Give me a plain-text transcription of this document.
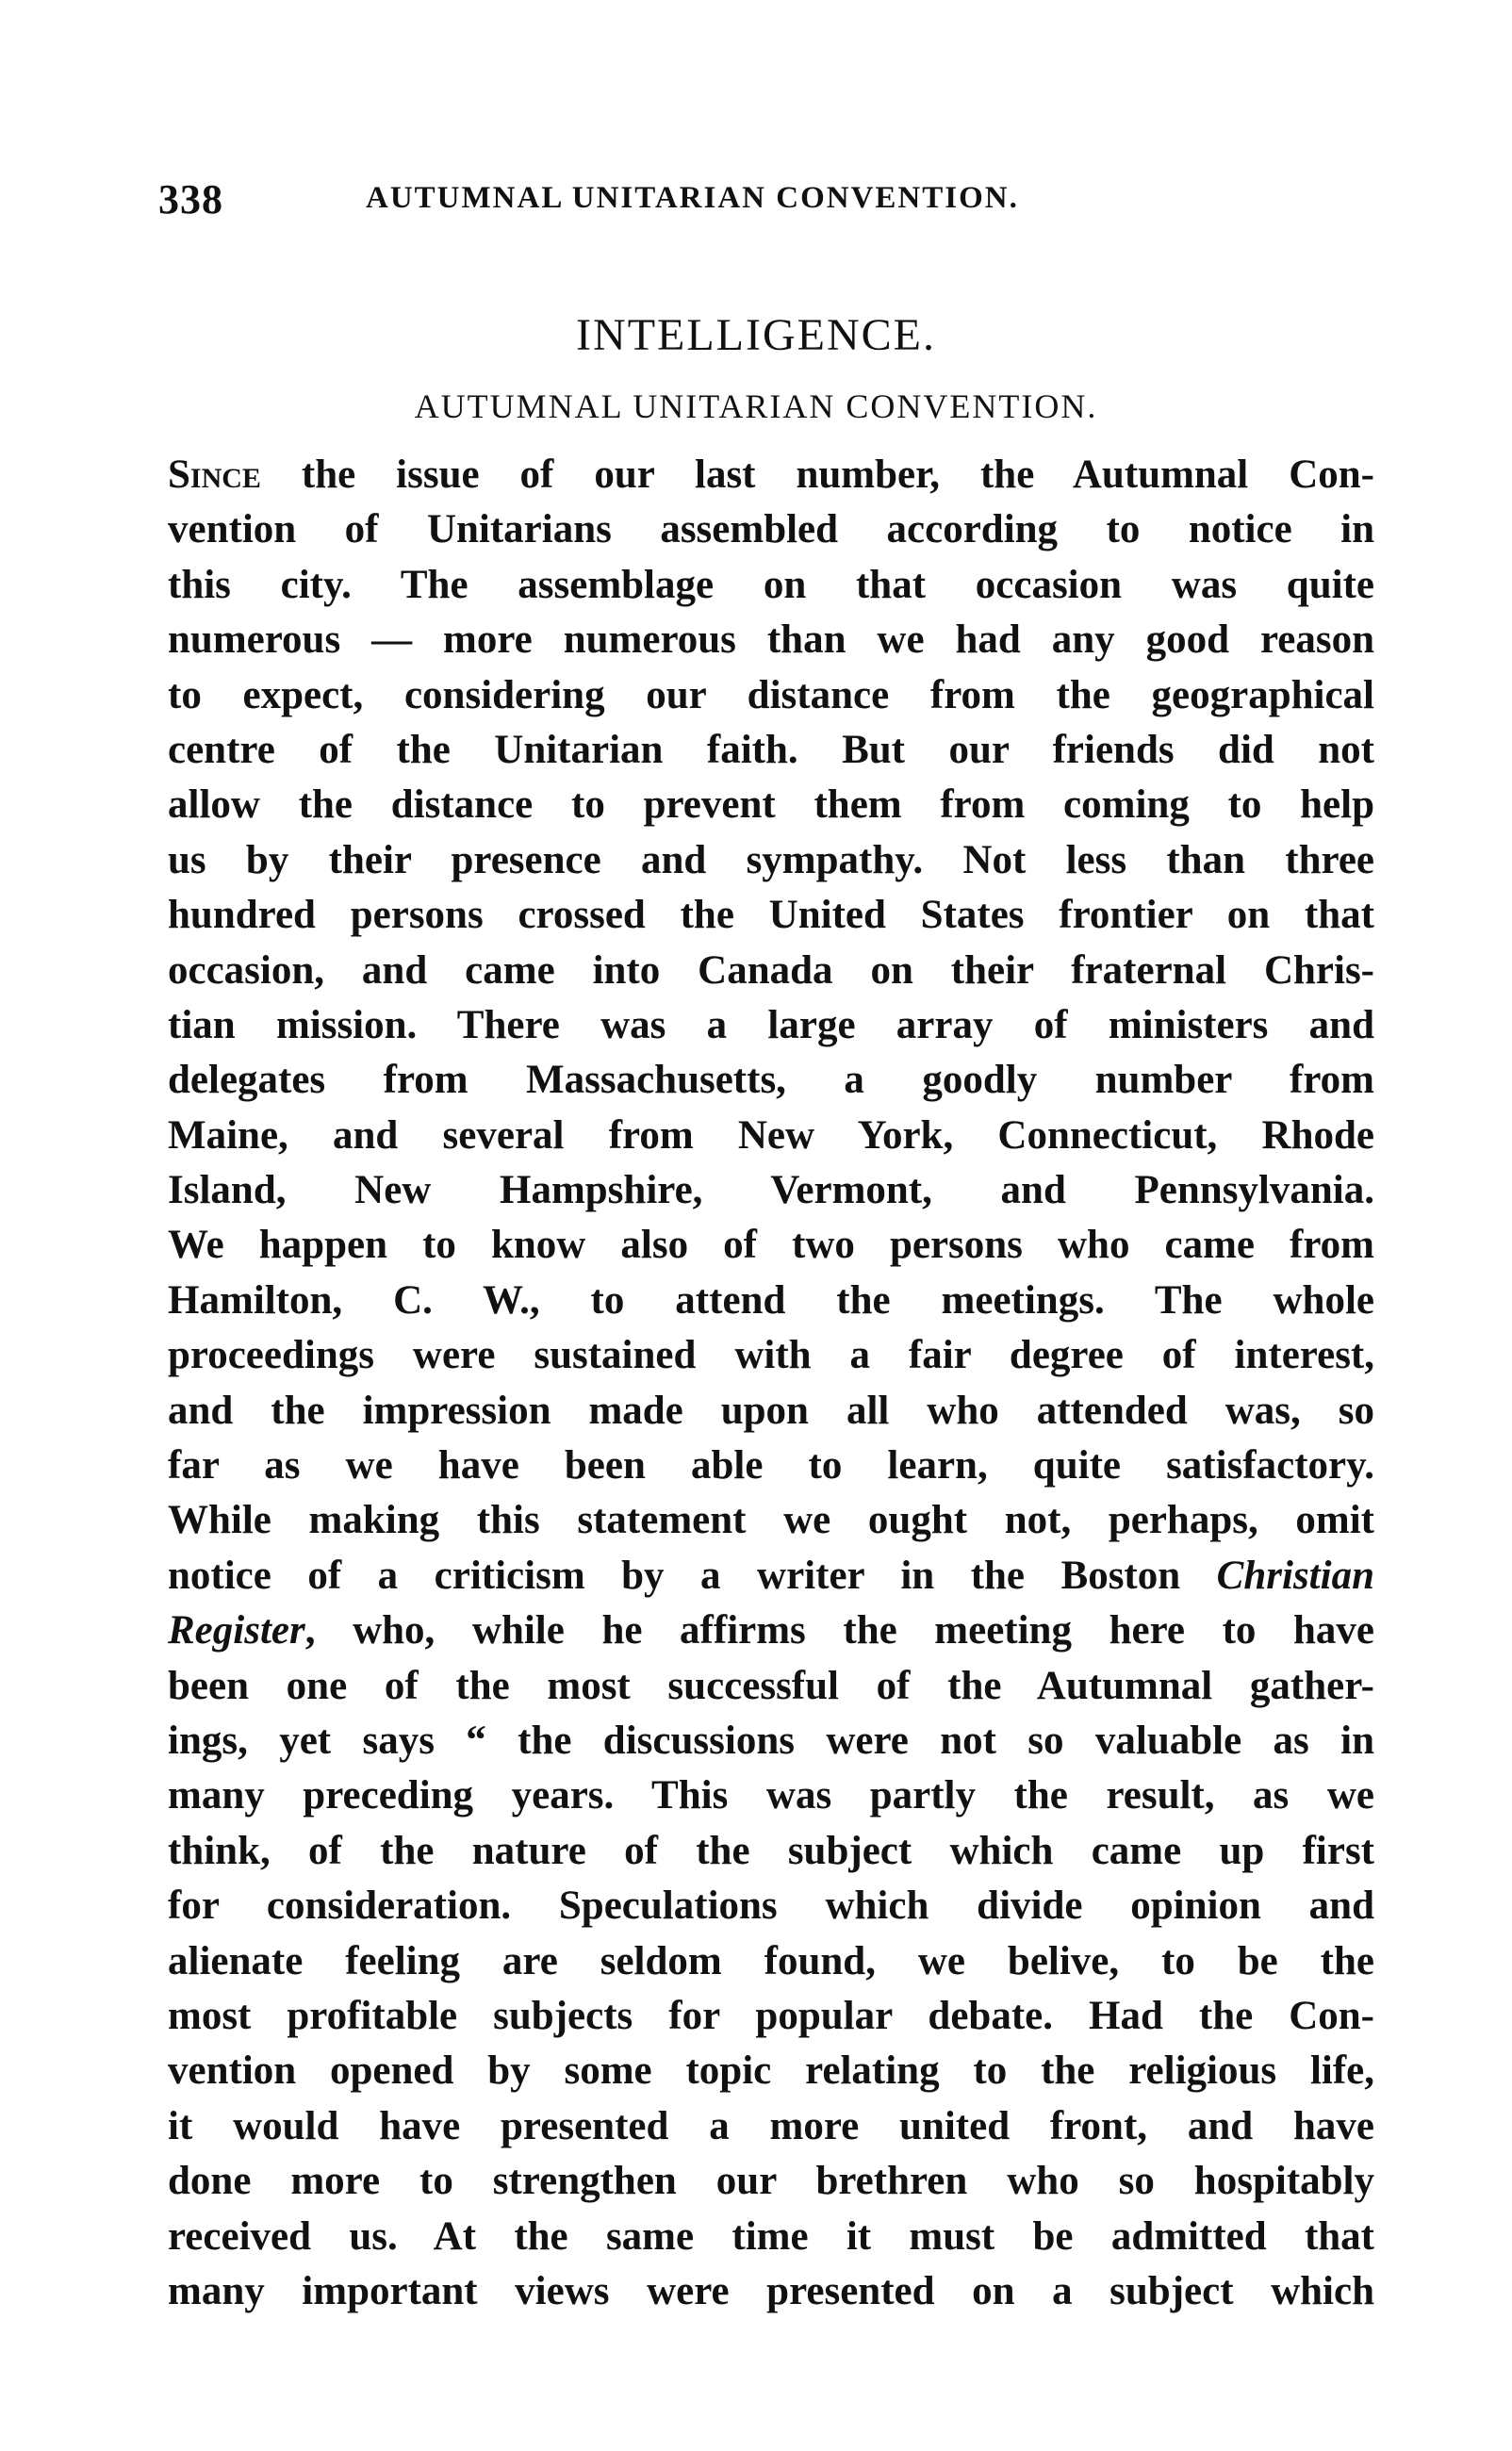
338	AUTUMNAL UNITARIAN CONVENTION.
INTELLIGENCE.
AUTUMNAL UNITARIAN CONVENTION.
Since the issue of our last number, the Autumnal Con-
vention of Unitarians assembled according to notice in
this city. The assemblage on that occasion was quite
numerous — more numerous than we had any good reason
to expect, considering our distance from the geographical
centre of the Unitarian faith. But our friends did not
allow the distance to prevent them from coming to help
us by their presence and sympathy. Not less than three
hundred persons crossed the United States frontier on that
occasion, and came into Canada on their fraternal Chris-
tian mission. There was a large array of ministers and
delegates from Massachusetts, a goodly number from
Maine, and several from New York, Connecticut, Rhode
Island, New Hampshire, Vermont, and Pennsylvania.
We happen to know also of two persons who came from
Hamilton, C. W., to attend the meetings. The whole
proceedings were sustained with a fair degree of interest,
and the impression made upon all who attended was, so
far as we have been able to learn, quite satisfactory.
While making this statement we ought not, perhaps, omit
notice of a criticism by a writer in the Boston Christian
Register, who, while he affirms the meeting here to have
been one of the most successful of the Autumnal gather-
ings, yet says “ the discussions were not so valuable as in
many preceding years. This was partly the result, as we
think, of the nature of the subject which came up first
for consideration. Speculations which divide opinion and
alienate feeling are seldom found, we belive, to be the
most profitable subjects for popular debate. Had the Con-
vention opened by some topic relating to the religious life,
it would have presented a more united front, and have
done more to strengthen our brethren who so hospitably
received us. At the same time it must be admitted that
many important views were presented on a subject which
